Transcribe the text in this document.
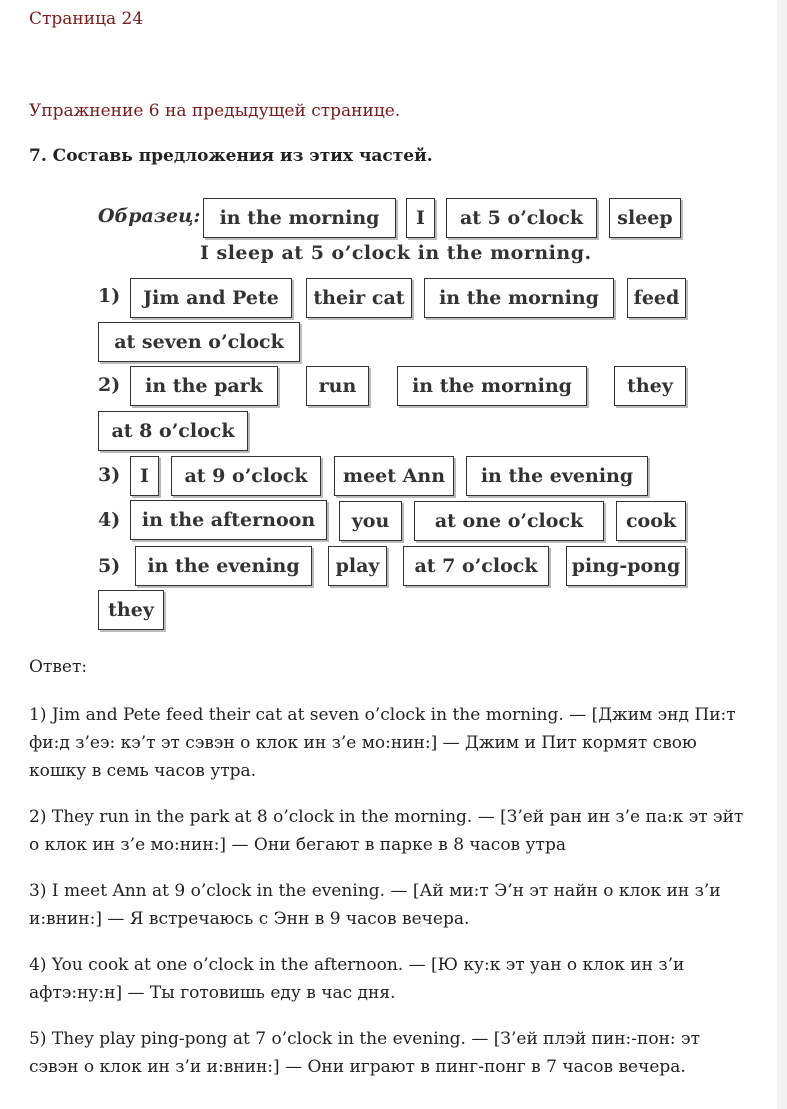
Страница 24
Упражнение 6 на предыдущей странице.
7. Составь предложения из этих частей.
Образец:	in the morning	I	at 5 o’clock	sleep
I sleep at 5 o’clock in the morning.
1)	Jim and Pete	their cat	in the morning	feed
at seven o’clock
2)	in the park	run	in the morning	they
at 8 o’clock
3)	I	at 9 o’clock	meet Ann	in the evening
4)	in the afternoon	you	at one o’clock	cook
5)	in the evening	play	at 7 o’clock	ping-pong
they
Ответ:
1) Jim and Pete feed their cat at seven o’clock in the morning. — [Джим энд Пи:т фи:д з’еэ: кэ’т эт сэвэн о клок ин з’е мо:нин:] — Джим и Пит кормят свою кошку в семь часов утра.
2) They run in the park at 8 o’clock in the morning. — [З’ей ран ин з’е па:к эт эйт о клок ин з’е мо:нин:] — Они бегают в парке в 8 часов утра
3) I meet Ann at 9 o’clock in the evening. — [Ай ми:т Э’н эт найн о клок ин з’и и:внин:] — Я встречаюсь с Энн в 9 часов вечера.
4) You cook at one o’clock in the afternoon. — [Ю ку:к эт уан о клок ин з’и афтэ:ну:н] — Ты готовишь еду в час дня.
5) They play ping-pong at 7 o’clock in the evening. — [З’ей плэй пин:-пон: эт сэвэн о клок ин з’и и:внин:] — Они играют в пинг-понг в 7 часов вечера.
